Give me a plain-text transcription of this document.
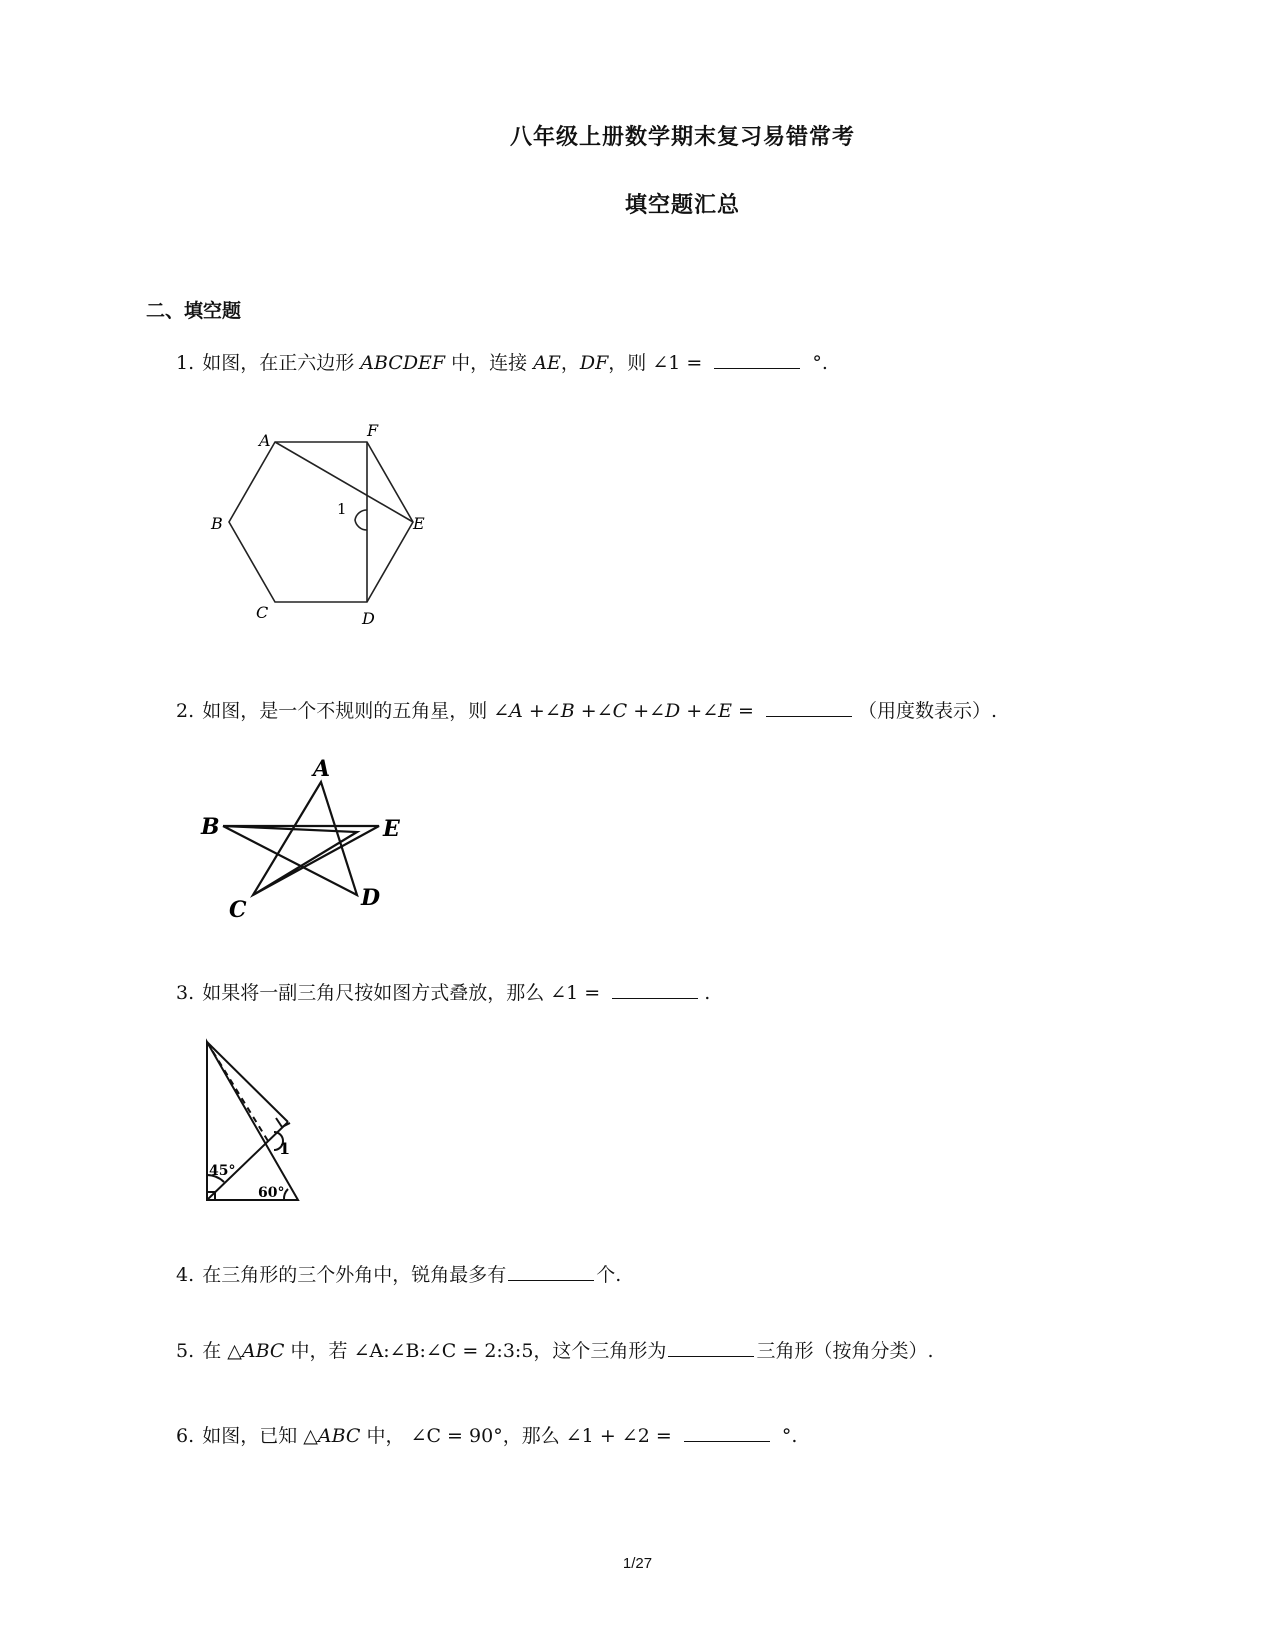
八年级上册数学期末复习易错常考
填空题汇总
二、填空题
1. 如图，在正六边形 ABCDEF 中，连接 AE，DF，则 ∠1 =	°.
A
F
B	E
C	D
1
2. 如图，是一个不规则的五角星，则 ∠A +∠B +∠C +∠D +∠E =	（用度数表示）.
A
B	E
C	D
3. 如果将一副三角尺按如图方式叠放，那么 ∠1 =	.
1
45°
60°
4. 在三角形的三个外角中，锐角最多有	个.
5. 在 △ABC 中，若 ∠A:∠B:∠C = 2:3:5，这个三角形为	三角形（按角分类）.
6. 如图，已知 △ABC 中， ∠C = 90°，那么 ∠1 + ∠2 =	°.
1/27
